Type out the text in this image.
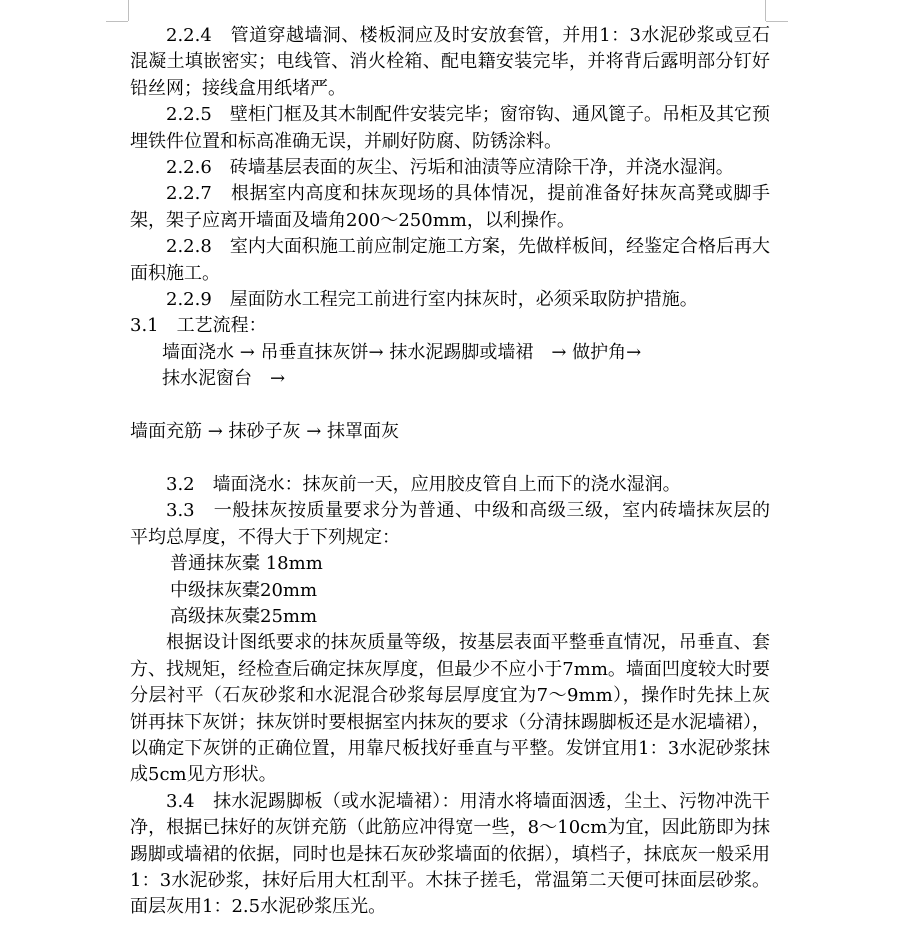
2.2.4　管道穿越墙洞、楼板洞应及时安放套管，并用1：3水泥砂浆或豆石混凝土填嵌密实；电线管、消火栓箱、配电籍安装完毕，并将背后露明部分钉好铅丝网；接线盒用纸堵严。

2.2.5　壁柜门框及其木制配件安装完毕；窗帘钩、通风篦子。吊柜及其它预埋铁件位置和标高准确无误，并刷好防腐、防锈涂料。

2.2.6　砖墙基层表面的灰尘、污垢和油渍等应清除干净，并浇水湿润。

2.2.7　根据室内高度和抹灰现场的具体情况，提前准备好抹灰高凳或脚手架，架子应离开墙面及墙角200～250mm，以利操作。

2.2.8　室内大面积施工前应制定施工方案，先做样板间，经鉴定合格后再大面积施工。

2.2.9　屋面防水工程完工前进行室内抹灰时，必须采取防护措施。

3.1　工艺流程：

墙面浇水 → 吊垂直抹灰饼→ 抹水泥踢脚或墙裙　→ 做护角→

抹水泥窗台　→

墙面充筋 → 抹砂子灰 → 抹罩面灰

3.2　墙面浇水：抹灰前一天，应用胶皮管自上而下的浇水湿润。

3.3　一般抹灰按质量要求分为普通、中级和高级三级，室内砖墙抹灰层的平均总厚度，不得大于下列规定：

普通抹灰橐 18mm

中级抹灰橐20mm

高级抹灰橐25mm

根据设计图纸要求的抹灰质量等级，按基层表面平整垂直情况，吊垂直、套方、找规矩，经检查后确定抹灰厚度，但最少不应小于7mm。墙面凹度较大时要分层衬平（石灰砂浆和水泥混合砂浆每层厚度宜为7～9mm），操作时先抹上灰饼再抹下灰饼；抹灰饼时要根据室内抹灰的要求（分清抹踢脚板还是水泥墙裙），以确定下灰饼的正确位置，用靠尺板找好垂直与平整。发饼宜用1：3水泥砂浆抹成5cm见方形状。

3.4　抹水泥踢脚板（或水泥墙裙）：用清水将墙面洇透，尘土、污物冲洗干净，根据已抹好的灰饼充筋（此筋应冲得宽一些，8～10cm为宜，因此筋即为抹踢脚或墙裙的依据，同时也是抹石灰砂浆墙面的依据），填档子，抹底灰一般采用1：3水泥砂浆，抹好后用大杠刮平。木抹子搓毛，常温第二天便可抹面层砂浆。面层灰用1：2.5水泥砂浆压光。
